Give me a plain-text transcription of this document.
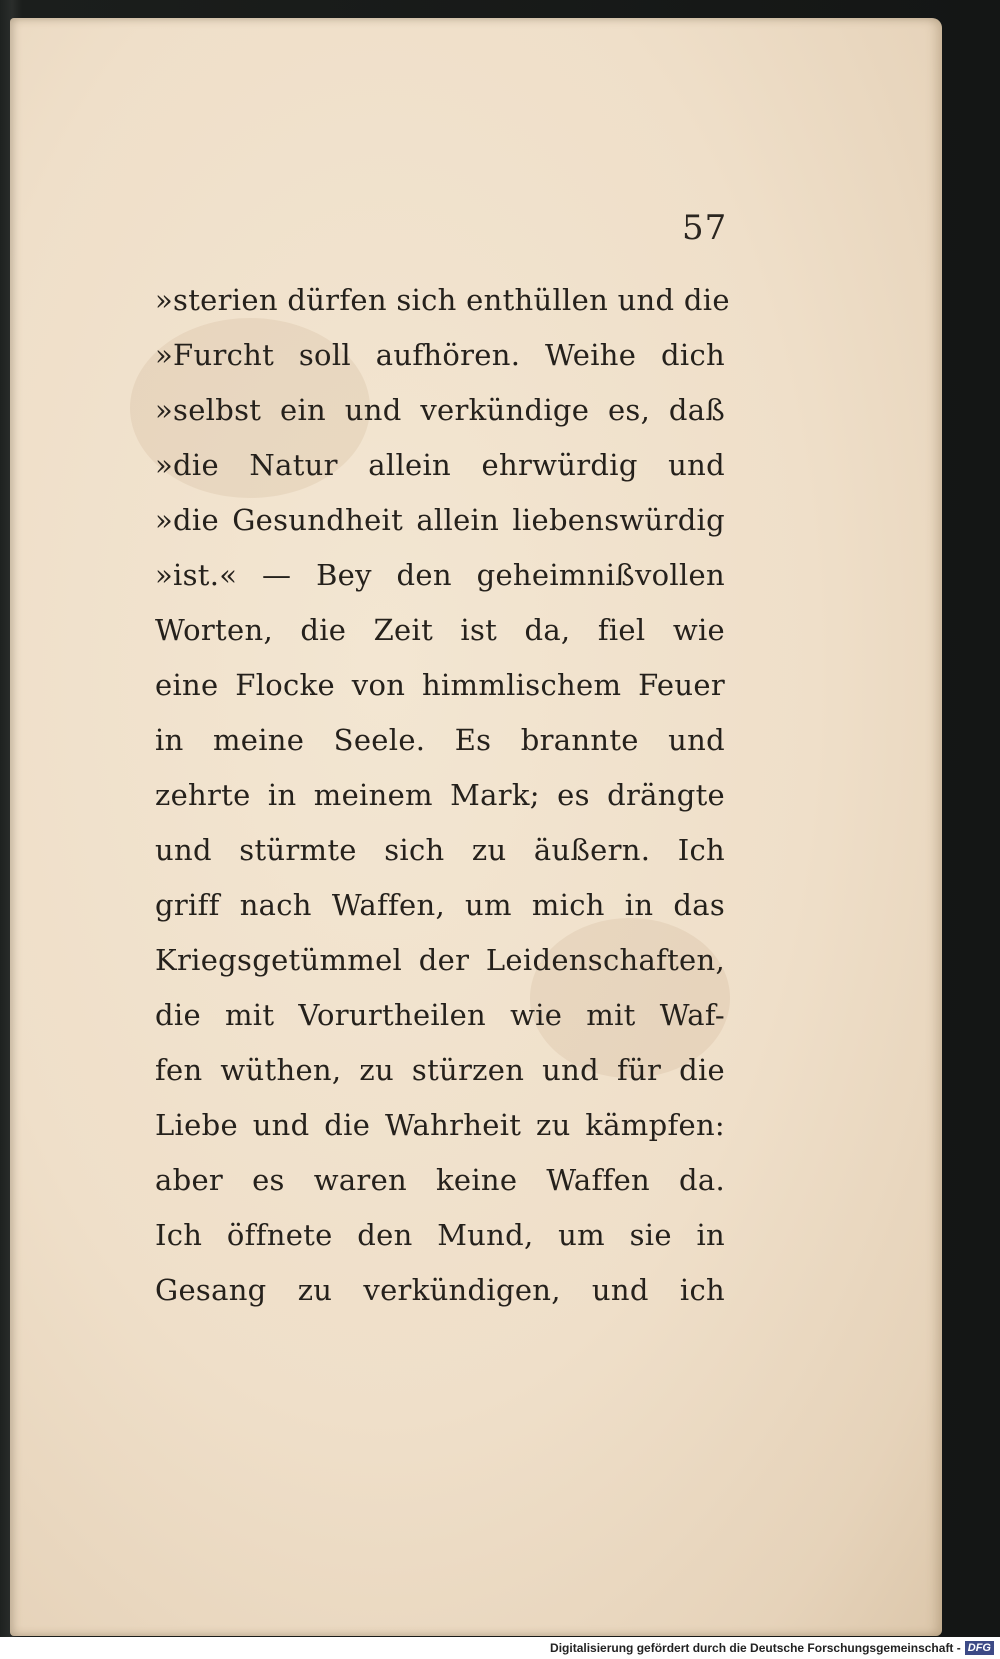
57
»sterien dürfen sich enthüllen und die
»Furcht soll aufhören. Weihe dich
»selbst ein und verkündige es, daß
»die Natur allein ehrwürdig und
»die Gesundheit allein liebenswürdig
»ist.« — Bey den geheimnißvollen
Worten, die Zeit ist da, fiel wie
eine Flocke von himmlischem Feuer
in meine Seele. Es brannte und
zehrte in meinem Mark; es drängte
und stürmte sich zu äußern. Ich
griff nach Waffen, um mich in das
Kriegsgetümmel der Leidenschaften,
die mit Vorurtheilen wie mit Waf-
fen wüthen, zu stürzen und für die
Liebe und die Wahrheit zu kämpfen:
aber es waren keine Waffen da.
Ich öffnete den Mund, um sie in
Gesang zu verkündigen, und ich
Digitalisierung gefördert durch die Deutsche Forschungsgemeinschaft - DFG
